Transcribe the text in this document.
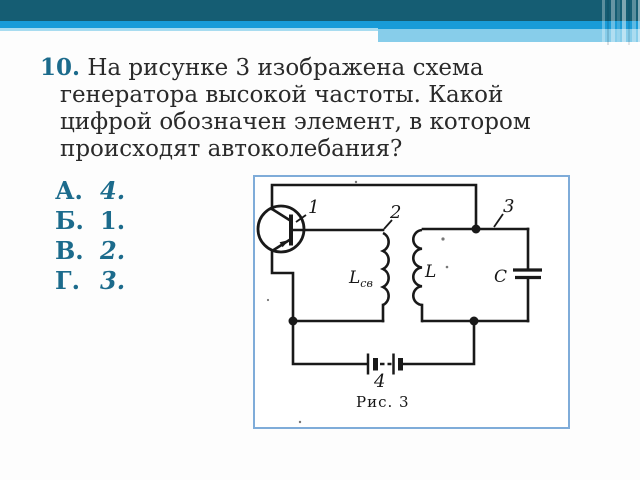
10. На рисунке 3 изображена схема
генератора высокой частоты. Какой
цифрой обозначен элемент, в котором
происходят автоколебания?
А. 4.
Б. 1.
В. 2.
Г. 3.
1	2	3
4
$L_{св}$
L	C
Рис. 3
